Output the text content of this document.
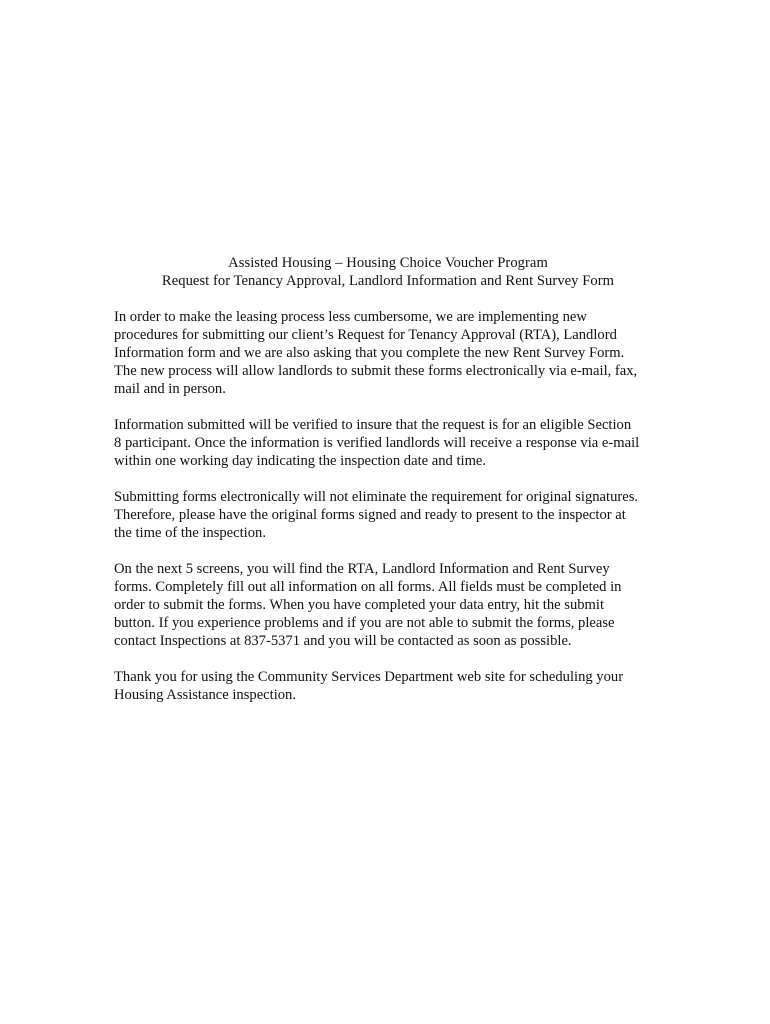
Assisted Housing – Housing Choice Voucher Program
Request for Tenancy Approval, Landlord Information and Rent Survey Form
In order to make the leasing process less cumbersome, we are implementing new
procedures for submitting our client’s Request for Tenancy Approval (RTA), Landlord
Information form and we are also asking that you complete the new Rent Survey Form.
The new process will allow landlords to submit these forms electronically via e-mail, fax,
mail and in person.
Information submitted will be verified to insure that the request is for an eligible Section
8 participant. Once the information is verified landlords will receive a response via e-mail
within one working day indicating the inspection date and time.
Submitting forms electronically will not eliminate the requirement for original signatures.
Therefore, please have the original forms signed and ready to present to the inspector at
the time of the inspection.
On the next 5 screens, you will find the RTA, Landlord Information and Rent Survey
forms. Completely fill out all information on all forms. All fields must be completed in
order to submit the forms. When you have completed your data entry, hit the submit
button. If you experience problems and if you are not able to submit the forms, please
contact Inspections at 837-5371 and you will be contacted as soon as possible.
Thank you for using the Community Services Department web site for scheduling your
Housing Assistance inspection.
